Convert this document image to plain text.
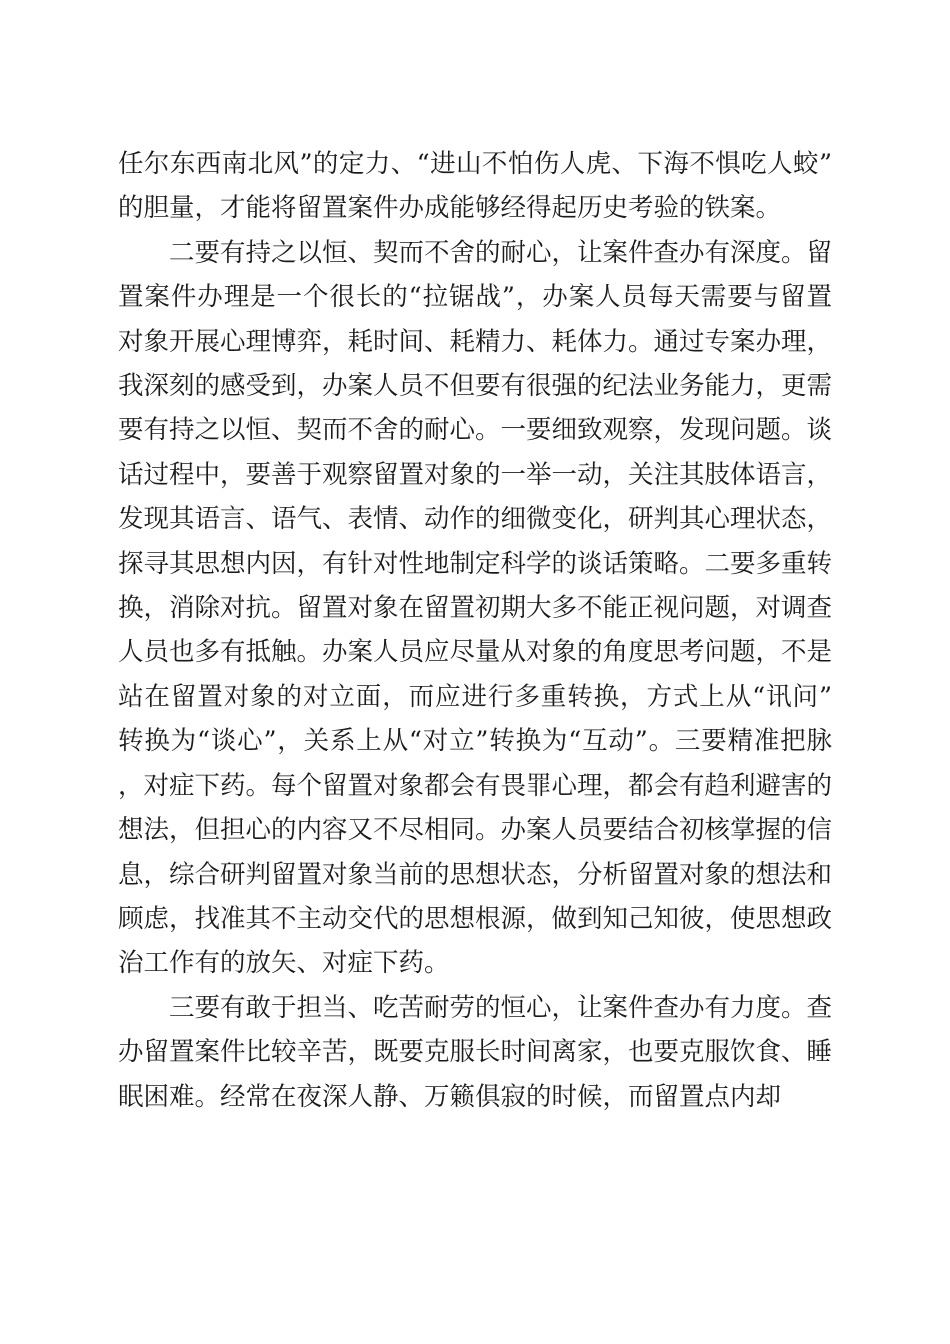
任尔东西南北风”的定力、“进山不怕伤人虎、下海不惧吃人蛟”的胆量，才能将留置案件办成能够经得起历史考验的铁案。

二要有持之以恒、契而不舍的耐心，让案件查办有深度。留置案件办理是一个很长的“拉锯战”，办案人员每天需要与留置对象开展心理博弈，耗时间、耗精力、耗体力。通过专案办理，我深刻的感受到，办案人员不但要有很强的纪法业务能力，更需要有持之以恒、契而不舍的耐心。一要细致观察，发现问题。谈话过程中，要善于观察留置对象的一举一动，关注其肢体语言，发现其语言、语气、表情、动作的细微变化，研判其心理状态，探寻其思想内因，有针对性地制定科学的谈话策略。二要多重转换，消除对抗。留置对象在留置初期大多不能正视问题，对调查人员也多有抵触。办案人员应尽量从对象的角度思考问题，不是站在留置对象的对立面，而应进行多重转换，方式上从“讯问”转换为“谈心”，关系上从“对立”转换为“互动”。三要精准把脉，对症下药。每个留置对象都会有畏罪心理，都会有趋利避害的想法，但担心的内容又不尽相同。办案人员要结合初核掌握的信息，综合研判留置对象当前的思想状态，分析留置对象的想法和顾虑，找准其不主动交代的思想根源，做到知己知彼，使思想政治工作有的放矢、对症下药。

三要有敢于担当、吃苦耐劳的恒心，让案件查办有力度。查办留置案件比较辛苦，既要克服长时间离家，也要克服饮食、睡眠困难。经常在夜深人静、万籁俱寂的时候，而留置点内却
